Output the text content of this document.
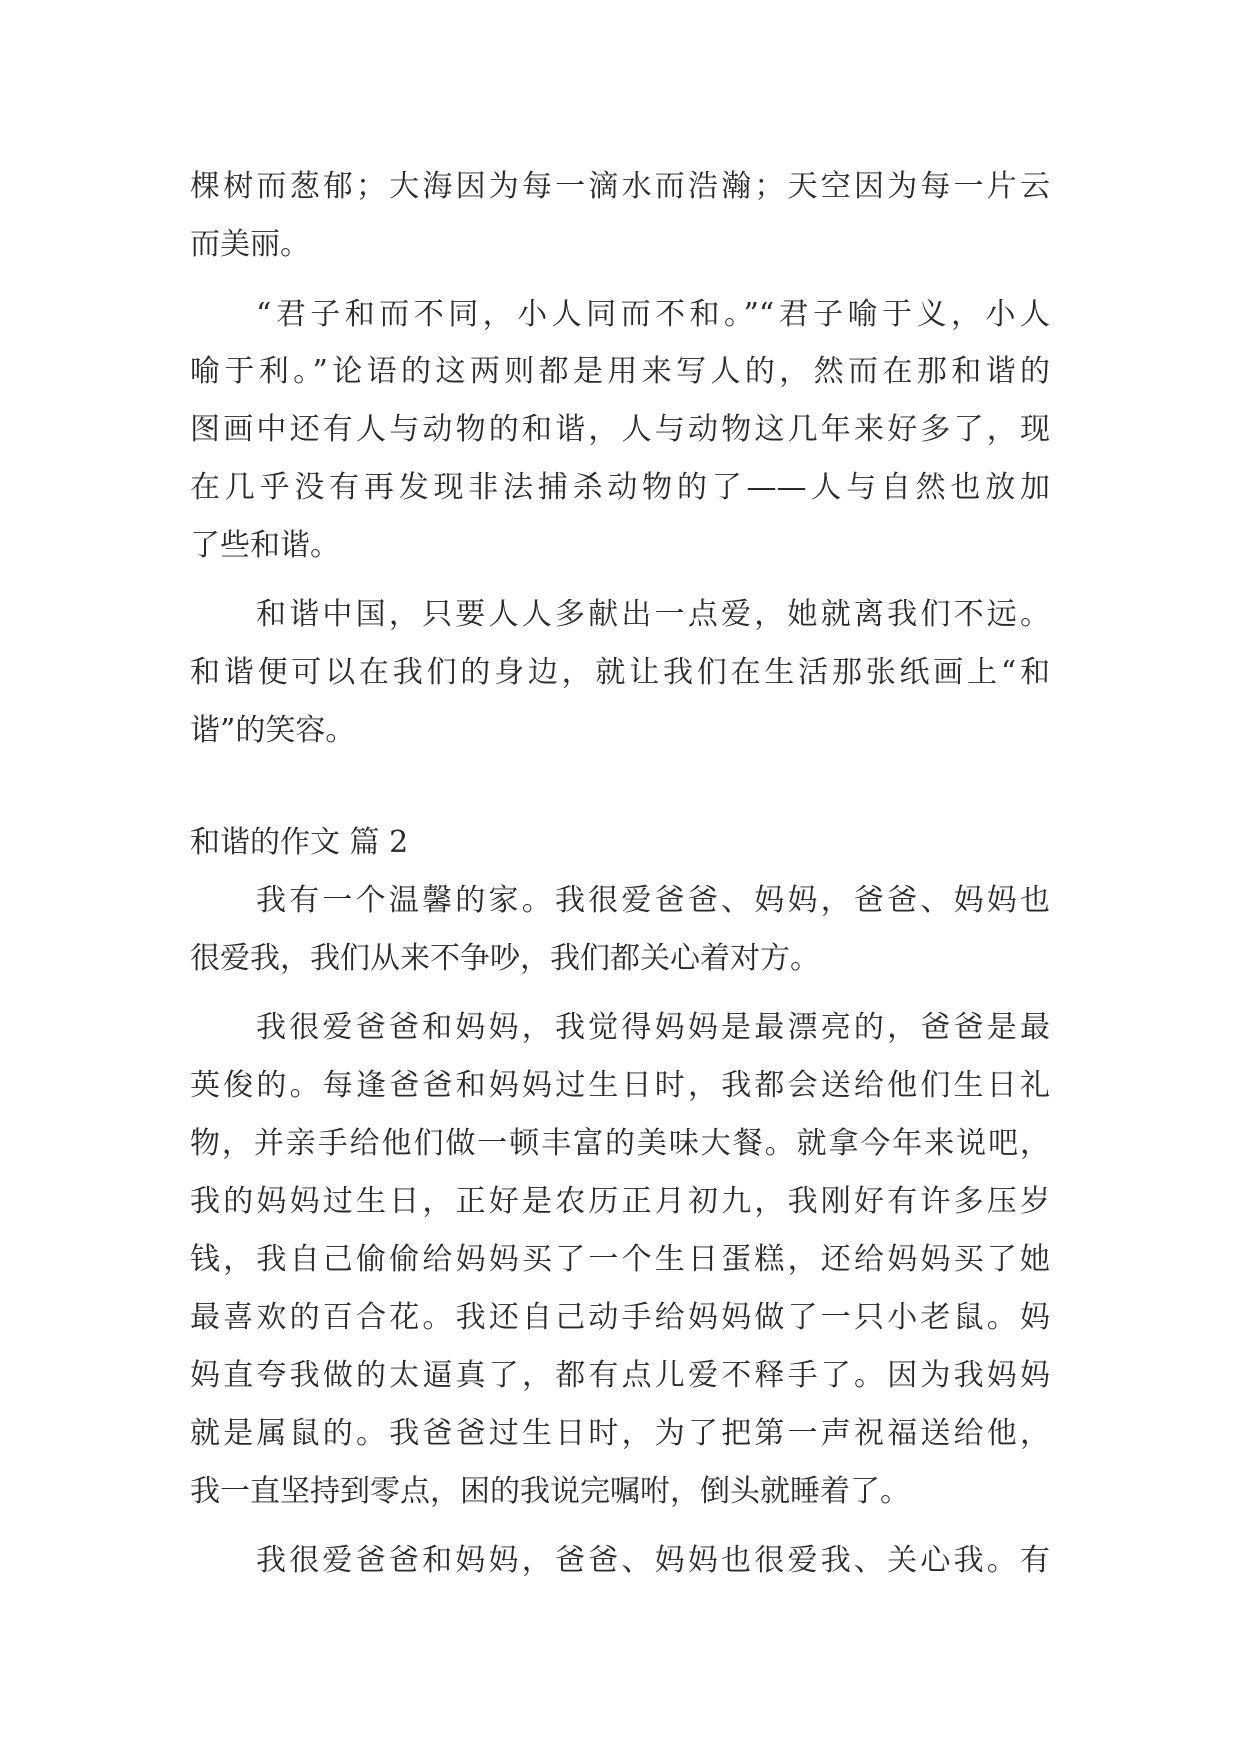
棵树而葱郁；大海因为每一滴水而浩瀚；天空因为每一片云
而美丽。
“君子和而不同，小人同而不和。”“君子喻于义，小人
喻于利。”论语的这两则都是用来写人的，然而在那和谐的
图画中还有人与动物的和谐，人与动物这几年来好多了，现
在几乎没有再发现非法捕杀动物的了——人与自然也放加
了些和谐。
和谐中国，只要人人多献出一点爱，她就离我们不远。
和谐便可以在我们的身边，就让我们在生活那张纸画上“和
谐”的笑容。
和谐的作文 篇 2
我有一个温馨的家。我很爱爸爸、妈妈，爸爸、妈妈也
很爱我，我们从来不争吵，我们都关心着对方。
我很爱爸爸和妈妈，我觉得妈妈是最漂亮的，爸爸是最
英俊的。每逢爸爸和妈妈过生日时，我都会送给他们生日礼
物，并亲手给他们做一顿丰富的美味大餐。就拿今年来说吧，
我的妈妈过生日，正好是农历正月初九，我刚好有许多压岁
钱，我自己偷偷给妈妈买了一个生日蛋糕，还给妈妈买了她
最喜欢的百合花。我还自己动手给妈妈做了一只小老鼠。妈
妈直夸我做的太逼真了，都有点儿爱不释手了。因为我妈妈
就是属鼠的。我爸爸过生日时，为了把第一声祝福送给他，
我一直坚持到零点，困的我说完嘱咐，倒头就睡着了。
我很爱爸爸和妈妈，爸爸、妈妈也很爱我、关心我。有
